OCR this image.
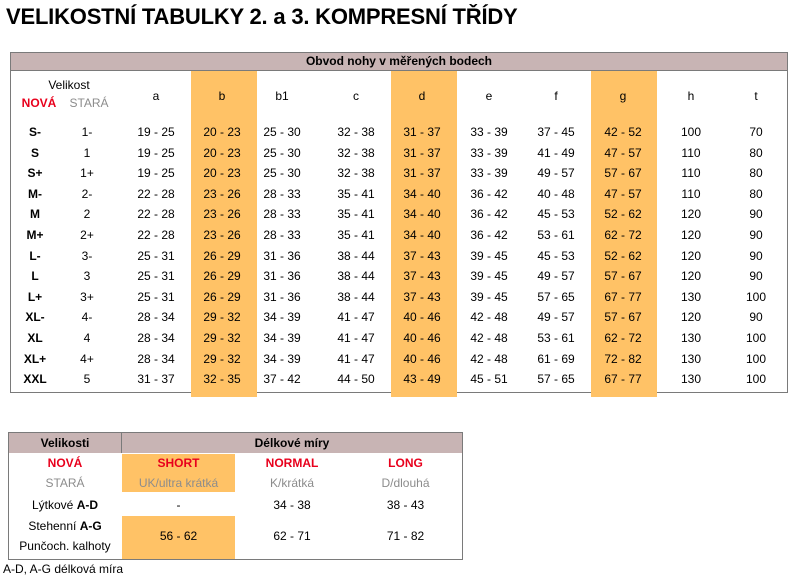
VELIKOSTNÍ TABULKY 2. a 3. KOMPRESNÍ TŘÍDY
Obvod nohy v měřených bodech
Velikost
NOVÁ	STARÁ	a	b	b1	c	d	e	f	g	h	t
S-	1-	19 - 25	20 - 23	25 - 30	32 - 38	31 - 37	33 - 39	37 - 45	42 - 52	100	70
S	1	19 - 25	20 - 23	25 - 30	32 - 38	31 - 37	33 - 39	41 - 49	47 - 57	110	80
S+	1+	19 - 25	20 - 23	25 - 30	32 - 38	31 - 37	33 - 39	49 - 57	57 - 67	110	80
M-	2-	22 - 28	23 - 26	28 - 33	35 - 41	34 - 40	36 - 42	40 - 48	47 - 57	110	80
M	2	22 - 28	23 - 26	28 - 33	35 - 41	34 - 40	36 - 42	45 - 53	52 - 62	120	90
M+	2+	22 - 28	23 - 26	28 - 33	35 - 41	34 - 40	36 - 42	53 - 61	62 - 72	120	90
L-	3-	25 - 31	26 - 29	31 - 36	38 - 44	37 - 43	39 - 45	45 - 53	52 - 62	120	90
L	3	25 - 31	26 - 29	31 - 36	38 - 44	37 - 43	39 - 45	49 - 57	57 - 67	120	90
L+	3+	25 - 31	26 - 29	31 - 36	38 - 44	37 - 43	39 - 45	57 - 65	67 - 77	130	100
XL-	4-	28 - 34	29 - 32	34 - 39	41 - 47	40 - 46	42 - 48	49 - 57	57 - 67	120	90
XL	4	28 - 34	29 - 32	34 - 39	41 - 47	40 - 46	42 - 48	53 - 61	62 - 72	130	100
XL+	4+	28 - 34	29 - 32	34 - 39	41 - 47	40 - 46	42 - 48	61 - 69	72 - 82	130	100
XXL	5	31 - 37	32 - 35	37 - 42	44 - 50	43 - 49	45 - 51	57 - 65	67 - 77	130	100
Velikosti	Délkové míry
NOVÁ
STARÁ
SHORT	NORMAL	LONG
UK/ultra krátká	K/krátká	D/dlouhá
Lýtkové A-D	-	34 - 38	38 - 43
Stehenní A-G
Punčoch. kalhoty
56 - 62	62 - 71	71 - 82
A-D, A-G délková míra
